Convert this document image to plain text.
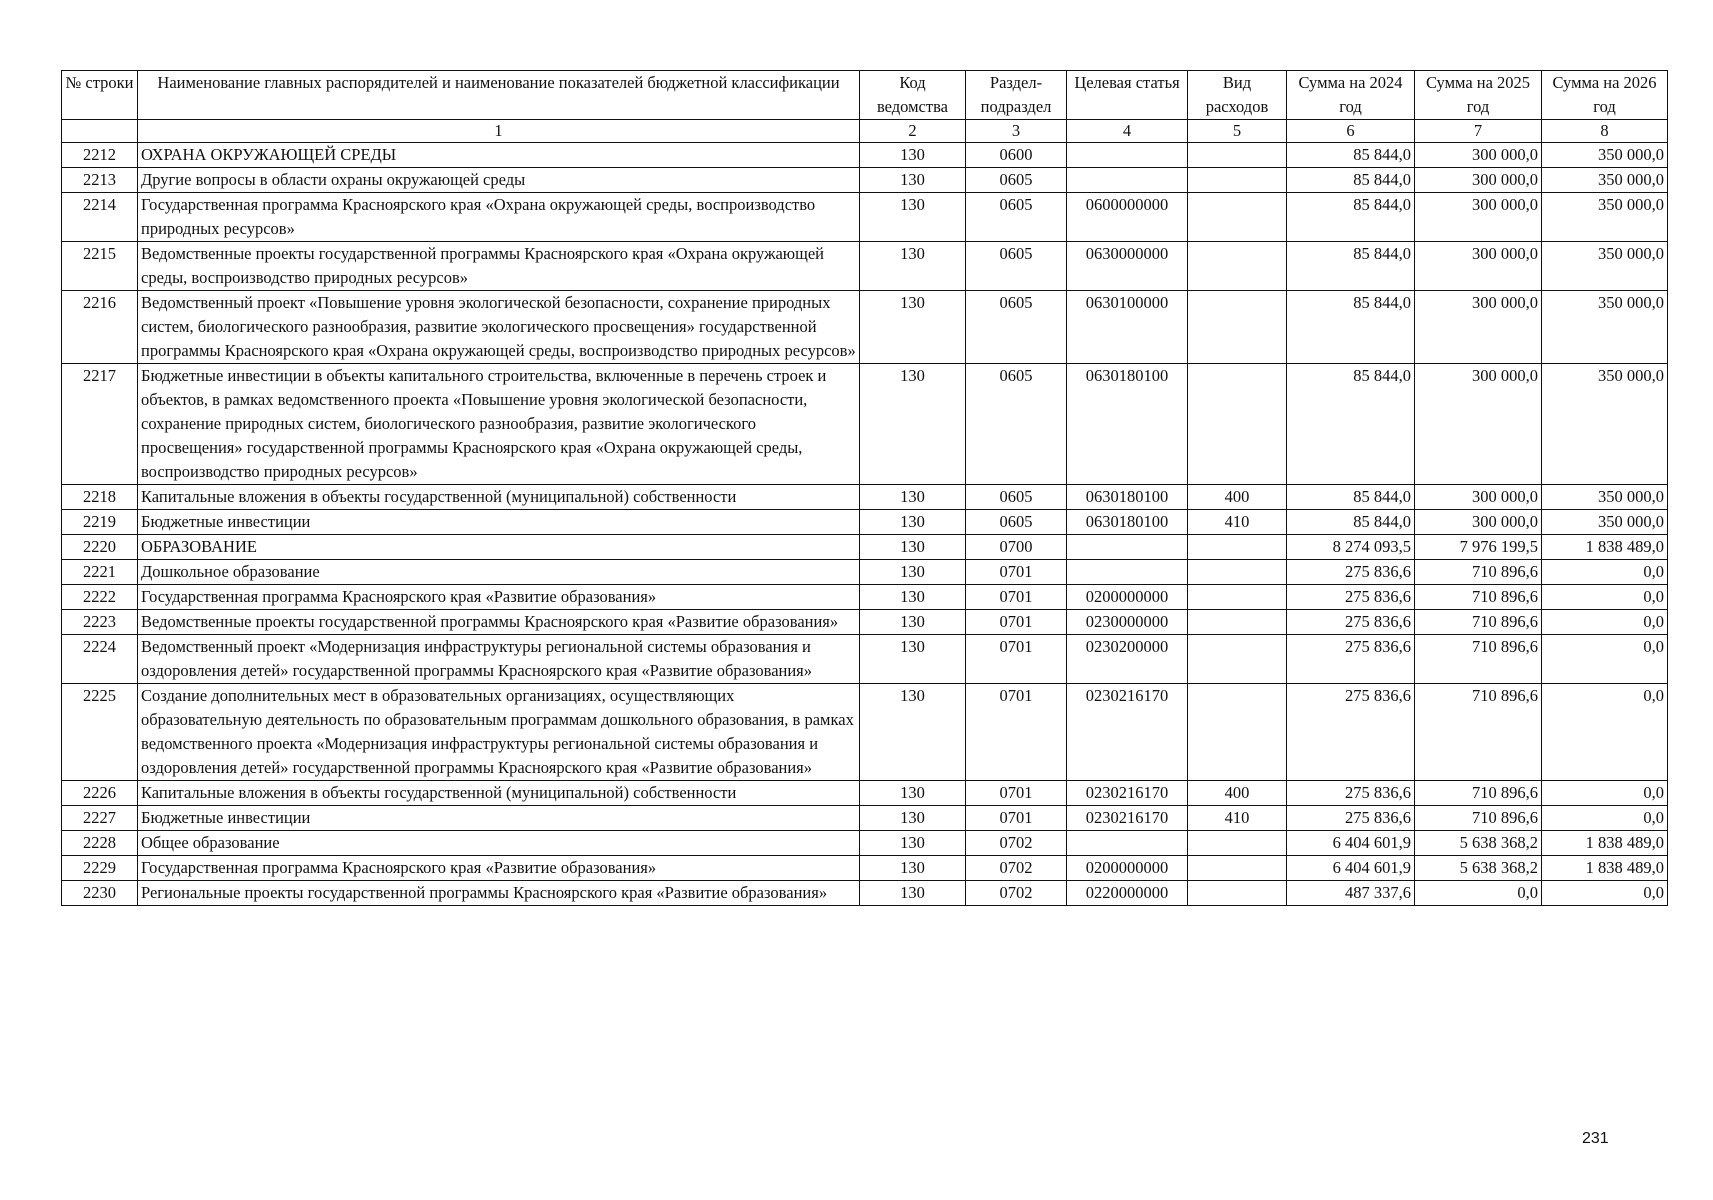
№ строки	Наименование главных распорядителей и наименование показателей бюджетной классификации	Код ведомства	Раздел-подраздел	Целевая статья	Вид расходов	Сумма на 2024 год	Сумма на 2025 год	Сумма на 2026 год
	1	2	3	4	5	6	7	8
2212	ОХРАНА ОКРУЖАЮЩЕЙ СРЕДЫ	130	0600			85 844,0	300 000,0	350 000,0
2213	Другие вопросы в области охраны окружающей среды	130	0605			85 844,0	300 000,0	350 000,0
2214	Государственная программа Красноярского края «Охрана окружающей среды, воспроизводство природных ресурсов»	130	0605	0600000000		85 844,0	300 000,0	350 000,0
2215	Ведомственные проекты государственной программы Красноярского края «Охрана окружающей среды, воспроизводство природных ресурсов»	130	0605	0630000000		85 844,0	300 000,0	350 000,0
2216	Ведомственный проект «Повышение уровня экологической безопасности, сохранение природных систем, биологического разнообразия, развитие экологического просвещения» государственной программы Красноярского края «Охрана окружающей среды, воспроизводство природных ресурсов»	130	0605	0630100000		85 844,0	300 000,0	350 000,0
2217	Бюджетные инвестиции в объекты капитального строительства, включенные в перечень строек и объектов, в рамках ведомственного проекта «Повышение уровня экологической безопасности, сохранение природных систем, биологического разнообразия, развитие экологического просвещения» государственной программы Красноярского края «Охрана окружающей среды, воспроизводство природных ресурсов»	130	0605	0630180100		85 844,0	300 000,0	350 000,0
2218	Капитальные вложения в объекты государственной (муниципальной) собственности	130	0605	0630180100	400	85 844,0	300 000,0	350 000,0
2219	Бюджетные инвестиции	130	0605	0630180100	410	85 844,0	300 000,0	350 000,0
2220	ОБРАЗОВАНИЕ	130	0700			8 274 093,5	7 976 199,5	1 838 489,0
2221	Дошкольное образование	130	0701			275 836,6	710 896,6	0,0
2222	Государственная программа Красноярского края «Развитие образования»	130	0701	0200000000		275 836,6	710 896,6	0,0
2223	Ведомственные проекты государственной программы Красноярского края «Развитие образования»	130	0701	0230000000		275 836,6	710 896,6	0,0
2224	Ведомственный проект «Модернизация инфраструктуры региональной системы образования и оздоровления детей» государственной программы Красноярского края «Развитие образования»	130	0701	0230200000		275 836,6	710 896,6	0,0
2225	Создание дополнительных мест в образовательных организациях, осуществляющих образовательную деятельность по образовательным программам дошкольного образования, в рамках ведомственного проекта «Модернизация инфраструктуры региональной системы образования и оздоровления детей» государственной программы Красноярского края «Развитие образования»	130	0701	0230216170		275 836,6	710 896,6	0,0
2226	Капитальные вложения в объекты государственной (муниципальной) собственности	130	0701	0230216170	400	275 836,6	710 896,6	0,0
2227	Бюджетные инвестиции	130	0701	0230216170	410	275 836,6	710 896,6	0,0
2228	Общее образование	130	0702			6 404 601,9	5 638 368,2	1 838 489,0
2229	Государственная программа Красноярского края «Развитие образования»	130	0702	0200000000		6 404 601,9	5 638 368,2	1 838 489,0
2230	Региональные проекты государственной программы Красноярского края «Развитие образования»	130	0702	0220000000		487 337,6	0,0	0,0
231
